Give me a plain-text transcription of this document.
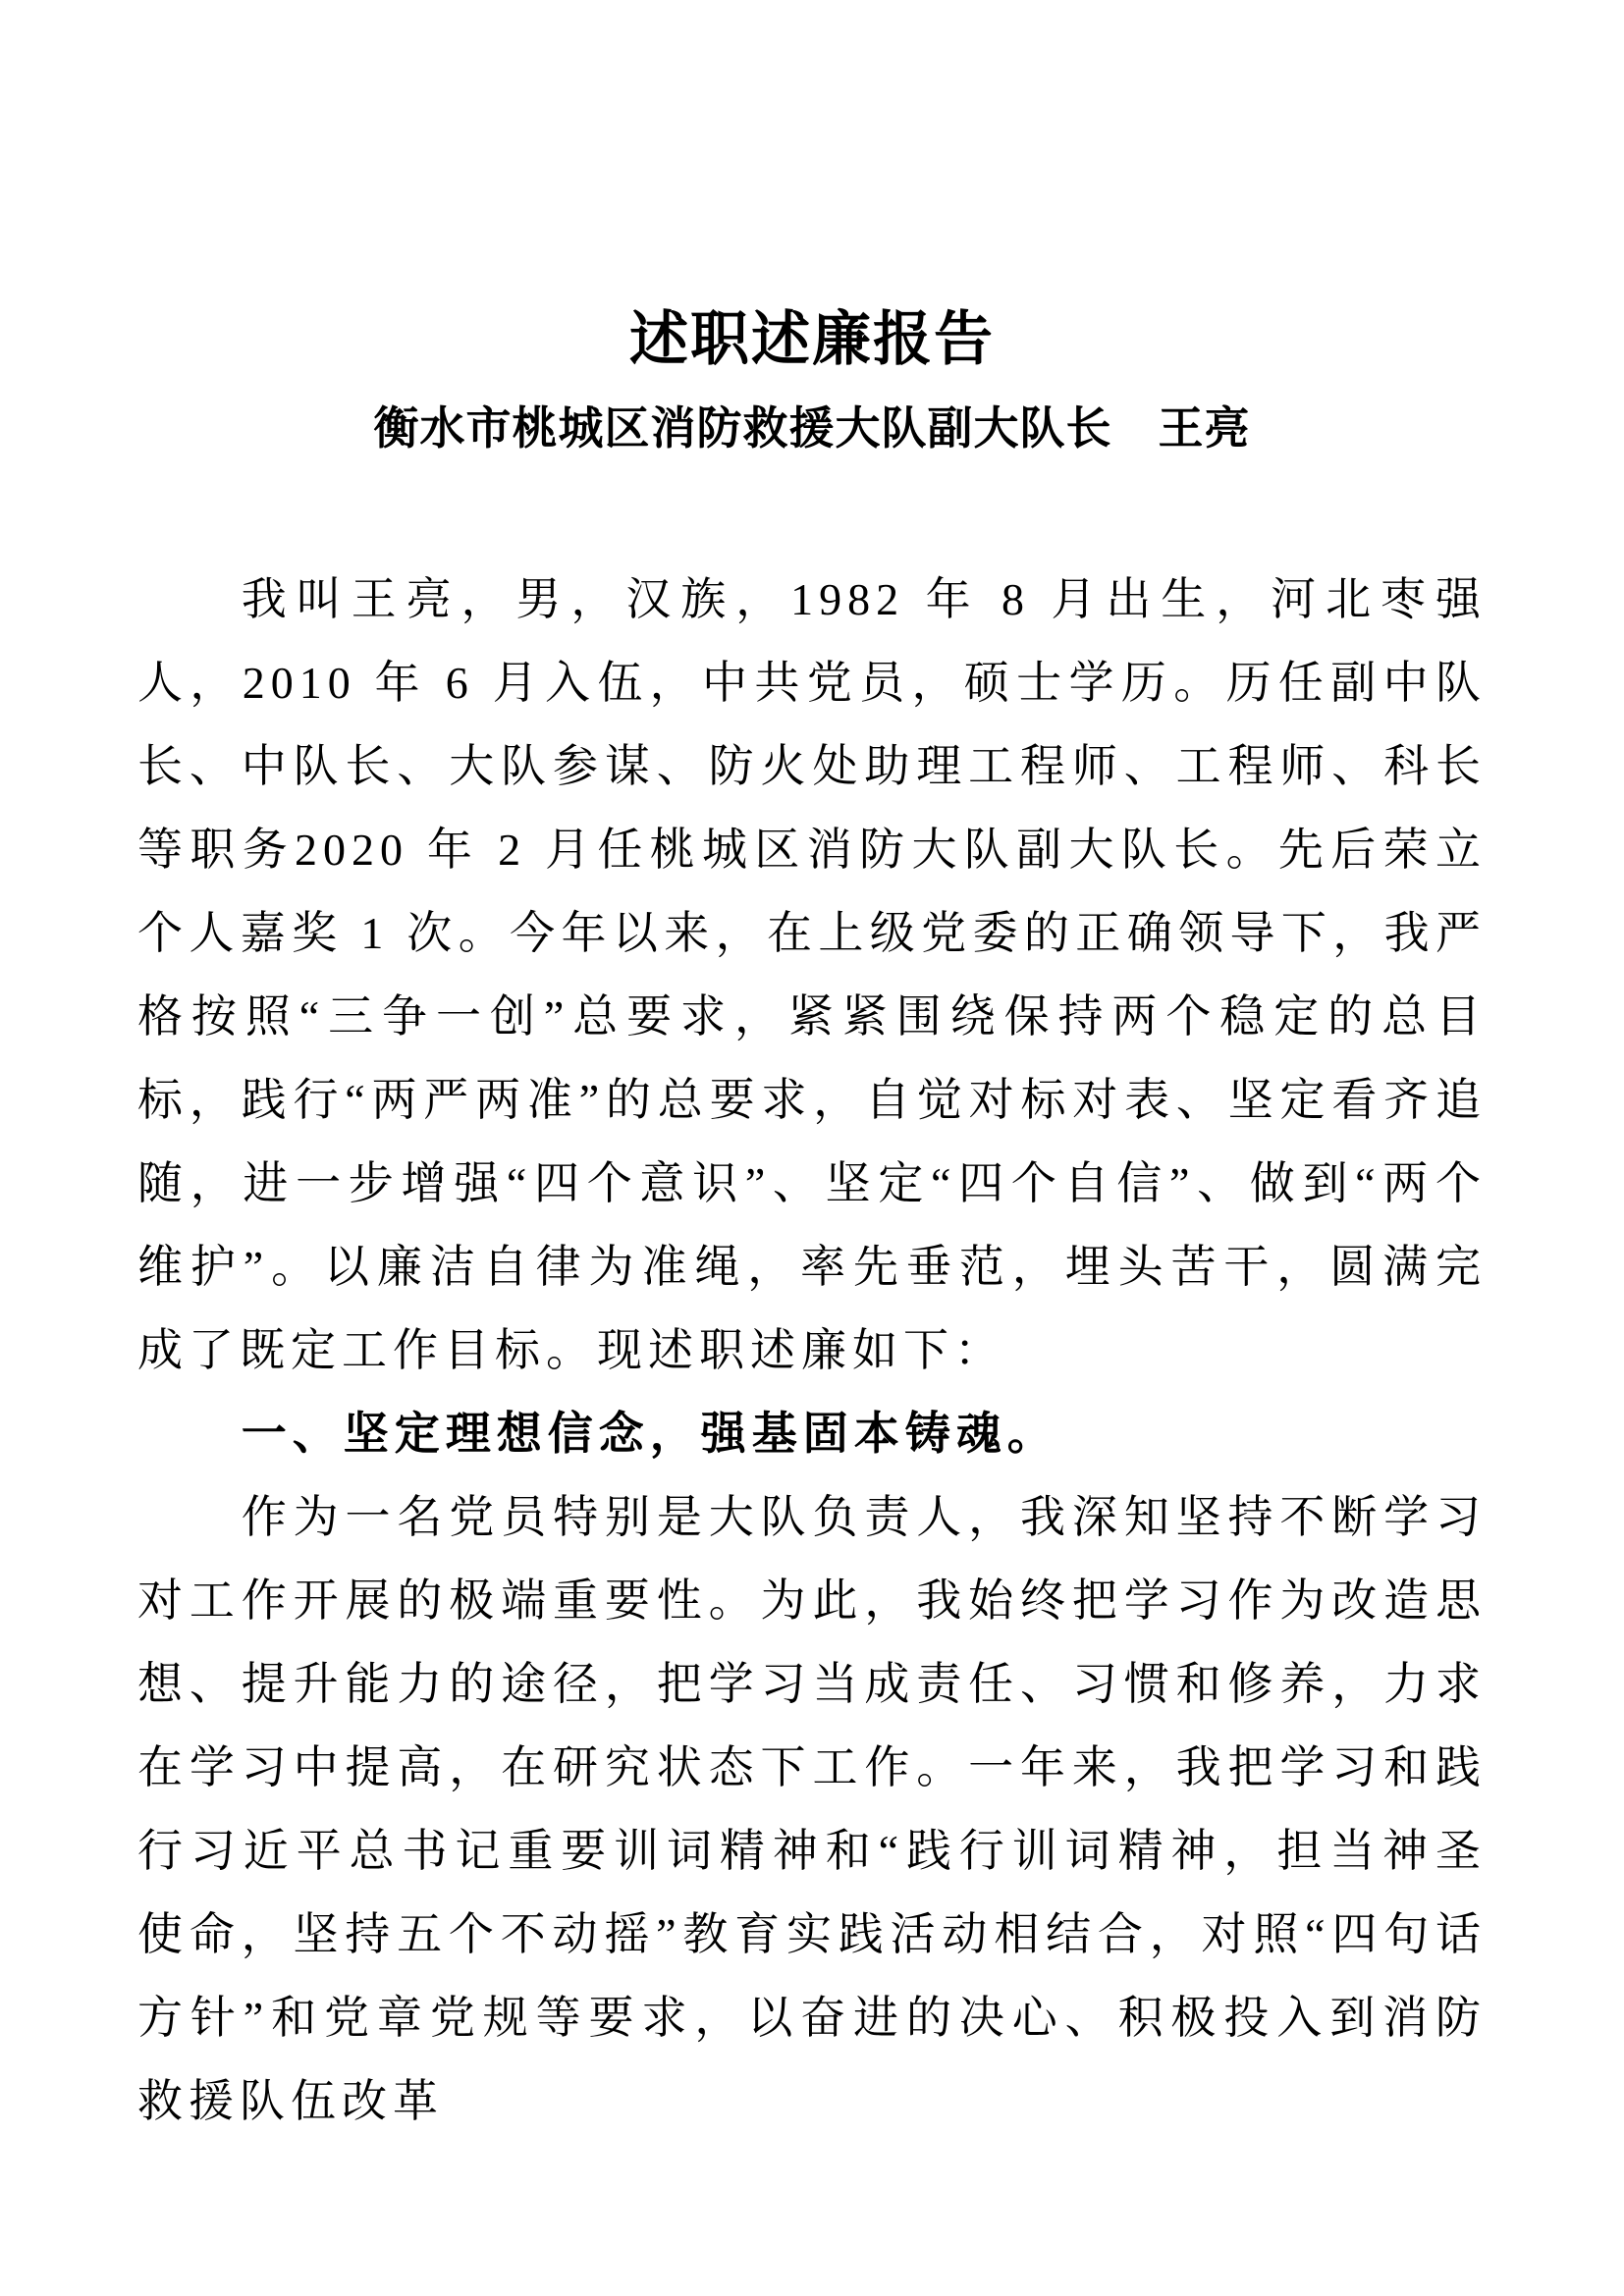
述职述廉报告
衡水市桃城区消防救援大队副大队长　王亮

我叫王亮，男，汉族，1982 年 8 月出生，河北枣强人，2010 年 6 月入伍，中共党员，硕士学历。历任副中队长、中队长、大队参谋、防火处助理工程师、工程师、科长等职务2020 年 2 月任桃城区消防大队副大队长。先后荣立个人嘉奖 1 次。今年以来，在上级党委的正确领导下，我严格按照“三争一创”总要求，紧紧围绕保持两个稳定的总目标，践行“两严两准”的总要求，自觉对标对表、坚定看齐追随，进一步增强“四个意识”、坚定“四个自信”、做到“两个维护”。以廉洁自律为准绳，率先垂范，埋头苦干，圆满完成了既定工作目标。现述职述廉如下：

一、坚定理想信念，强基固本铸魂。

作为一名党员特别是大队负责人，我深知坚持不断学习对工作开展的极端重要性。为此，我始终把学习作为改造思想、提升能力的途径，把学习当成责任、习惯和修养，力求在学习中提高，在研究状态下工作。一年来，我把学习和践行习近平总书记重要训词精神和“践行训词精神，担当神圣使命，坚持五个不动摇”教育实践活动相结合，对照“四句话方针”和党章党规等要求，以奋进的决心、积极投入到消防救援队伍改革
